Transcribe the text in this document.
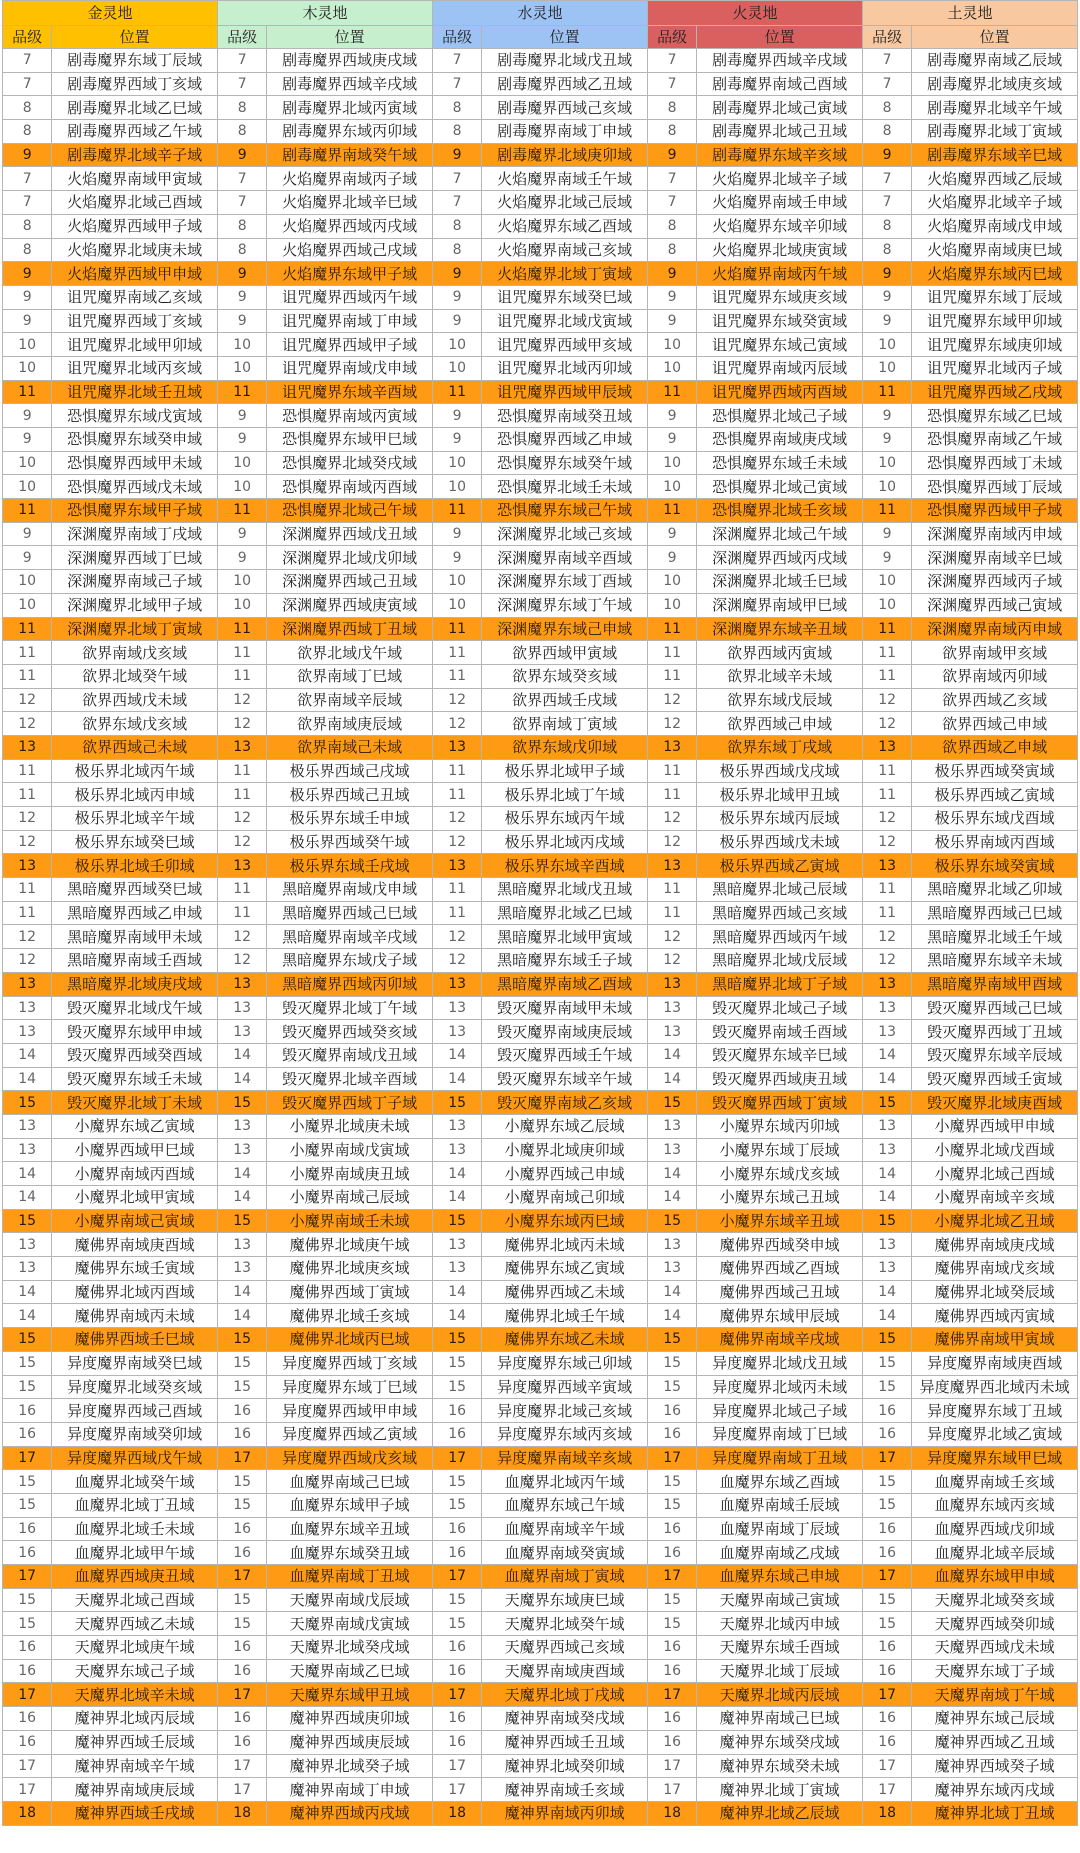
金灵地		木灵地		水灵地		火灵地		土灵地	
品级	位置	品级	位置	品级	位置	品级	位置	品级	位置
7	剧毒魔界东域丁辰域	7	剧毒魔界西域庚戌域	7	剧毒魔界北域戊丑域	7	剧毒魔界西域辛戌域	7	剧毒魔界南域乙辰域
7	剧毒魔界西域丁亥域	7	剧毒魔界西域辛戌域	7	剧毒魔界西域乙丑域	7	剧毒魔界南域己酉域	7	剧毒魔界北域庚亥域
8	剧毒魔界北域乙巳域	8	剧毒魔界北域丙寅域	8	剧毒魔界西域己亥域	8	剧毒魔界北域己寅域	8	剧毒魔界北域辛午域
8	剧毒魔界西域乙午域	8	剧毒魔界东域丙卯域	8	剧毒魔界南域丁申域	8	剧毒魔界北域己丑域	8	剧毒魔界北域丁寅域
9	剧毒魔界北域辛子域	9	剧毒魔界南域癸午域	9	剧毒魔界北域庚卯域	9	剧毒魔界东域辛亥域	9	剧毒魔界东域辛巳域
7	火焰魔界南域甲寅域	7	火焰魔界南域丙子域	7	火焰魔界南域壬午域	7	火焰魔界北域辛子域	7	火焰魔界西域乙辰域
7	火焰魔界北域己酉域	7	火焰魔界北域辛巳域	7	火焰魔界北域己辰域	7	火焰魔界南域壬申域	7	火焰魔界北域辛子域
8	火焰魔界西域甲子域	8	火焰魔界西域丙戌域	8	火焰魔界东域乙酉域	8	火焰魔界东域辛卯域	8	火焰魔界南域戊申域
8	火焰魔界北域庚未域	8	火焰魔界西域己戌域	8	火焰魔界南域己亥域	8	火焰魔界北域庚寅域	8	火焰魔界南域庚巳域
9	火焰魔界西域甲申域	9	火焰魔界东域甲子域	9	火焰魔界北域丁寅域	9	火焰魔界南域丙午域	9	火焰魔界东域丙巳域
9	诅咒魔界南域乙亥域	9	诅咒魔界西域丙午域	9	诅咒魔界东域癸巳域	9	诅咒魔界东域庚亥域	9	诅咒魔界东域丁辰域
9	诅咒魔界西域丁亥域	9	诅咒魔界南域丁申域	9	诅咒魔界北域戊寅域	9	诅咒魔界东域癸寅域	9	诅咒魔界东域甲卯域
10	诅咒魔界北域甲卯域	10	诅咒魔界西域甲子域	10	诅咒魔界西域甲亥域	10	诅咒魔界东域己寅域	10	诅咒魔界东域庚卯域
10	诅咒魔界北域丙亥域	10	诅咒魔界南域戊申域	10	诅咒魔界北域丙卯域	10	诅咒魔界南域丙辰域	10	诅咒魔界北域丙子域
11	诅咒魔界北域壬丑域	11	诅咒魔界东域辛酉域	11	诅咒魔界西域甲辰域	11	诅咒魔界西域丙酉域	11	诅咒魔界西域乙戌域
9	恐惧魔界东域戊寅域	9	恐惧魔界南域丙寅域	9	恐惧魔界南域癸丑域	9	恐惧魔界北域己子域	9	恐惧魔界东域乙巳域
9	恐惧魔界东域癸申域	9	恐惧魔界东域甲巳域	9	恐惧魔界西域乙申域	9	恐惧魔界南域庚戌域	9	恐惧魔界南域乙午域
10	恐惧魔界西域甲未域	10	恐惧魔界北域癸戌域	10	恐惧魔界东域癸午域	10	恐惧魔界东域壬未域	10	恐惧魔界西域丁未域
10	恐惧魔界西域戊未域	10	恐惧魔界南域丙酉域	10	恐惧魔界北域壬未域	10	恐惧魔界北域己寅域	10	恐惧魔界西域丁辰域
11	恐惧魔界东域甲子域	11	恐惧魔界北域己午域	11	恐惧魔界东域己午域	11	恐惧魔界北域壬亥域	11	恐惧魔界西域甲子域
9	深渊魔界南域丁戌域	9	深渊魔界西域戊丑域	9	深渊魔界北域己亥域	9	深渊魔界北域己午域	9	深渊魔界南域丙申域
9	深渊魔界西域丁巳域	9	深渊魔界北域戊卯域	9	深渊魔界南域辛酉域	9	深渊魔界西域丙戌域	9	深渊魔界南域辛巳域
10	深渊魔界南域己子域	10	深渊魔界西域己丑域	10	深渊魔界东域丁酉域	10	深渊魔界北域壬巳域	10	深渊魔界西域丙子域
10	深渊魔界北域甲子域	10	深渊魔界西域庚寅域	10	深渊魔界东域丁午域	10	深渊魔界南域甲巳域	10	深渊魔界西域己寅域
11	深渊魔界北域丁寅域	11	深渊魔界西域丁丑域	11	深渊魔界东域己申域	11	深渊魔界东域辛丑域	11	深渊魔界南域丙申域
11	欲界南域戊亥域	11	欲界北域戊午域	11	欲界西域甲寅域	11	欲界西域丙寅域	11	欲界南域甲亥域
11	欲界北域癸午域	11	欲界南域丁巳域	11	欲界东域癸亥域	11	欲界北域辛未域	11	欲界南域丙卯域
12	欲界西域戊未域	12	欲界南域辛辰域	12	欲界西域壬戌域	12	欲界东域戊辰域	12	欲界西域乙亥域
12	欲界东域戊亥域	12	欲界南域庚辰域	12	欲界南域丁寅域	12	欲界西域己申域	12	欲界西域己申域
13	欲界西域己未域	13	欲界南域己未域	13	欲界东域戊卯域	13	欲界东域丁戌域	13	欲界西域乙申域
11	极乐界北域丙午域	11	极乐界西域己戌域	11	极乐界北域甲子域	11	极乐界西域戊戌域	11	极乐界西域癸寅域
11	极乐界北域丙申域	11	极乐界西域己丑域	11	极乐界北域丁午域	11	极乐界北域甲丑域	11	极乐界西域乙寅域
12	极乐界北域辛午域	12	极乐界东域壬申域	12	极乐界东域丙午域	12	极乐界东域丙辰域	12	极乐界东域戊酉域
12	极乐界东域癸巳域	12	极乐界西域癸午域	12	极乐界北域丙戌域	12	极乐界西域戊未域	12	极乐界南域丙酉域
13	极乐界北域壬卯域	13	极乐界东域壬戌域	13	极乐界东域辛酉域	13	极乐界西域乙寅域	13	极乐界东域癸寅域
11	黑暗魔界西域癸巳域	11	黑暗魔界南域戊申域	11	黑暗魔界北域戊丑域	11	黑暗魔界北域己辰域	11	黑暗魔界北域乙卯域
11	黑暗魔界西域乙申域	11	黑暗魔界西域己巳域	11	黑暗魔界北域乙巳域	11	黑暗魔界西域己亥域	11	黑暗魔界西域己巳域
12	黑暗魔界南域甲未域	12	黑暗魔界南域辛戌域	12	黑暗魔界北域甲寅域	12	黑暗魔界西域丙午域	12	黑暗魔界北域壬午域
12	黑暗魔界南域壬酉域	12	黑暗魔界东域戊子域	12	黑暗魔界东域壬子域	12	黑暗魔界北域戊辰域	12	黑暗魔界东域辛未域
13	黑暗魔界北域庚戌域	13	黑暗魔界西域丙卯域	13	黑暗魔界南域乙酉域	13	黑暗魔界北域丁子域	13	黑暗魔界南域甲酉域
13	毁灭魔界北域戊午域	13	毁灭魔界北域丁午域	13	毁灭魔界南域甲未域	13	毁灭魔界北域己子域	13	毁灭魔界西域己巳域
13	毁灭魔界东域甲申域	13	毁灭魔界西域癸亥域	13	毁灭魔界南域庚辰域	13	毁灭魔界南域壬酉域	13	毁灭魔界西域丁丑域
14	毁灭魔界西域癸酉域	14	毁灭魔界南域戊丑域	14	毁灭魔界西域壬午域	14	毁灭魔界东域辛巳域	14	毁灭魔界东域辛辰域
14	毁灭魔界东域壬未域	14	毁灭魔界北域辛酉域	14	毁灭魔界东域辛午域	14	毁灭魔界西域庚丑域	14	毁灭魔界西域壬寅域
15	毁灭魔界北域丁未域	15	毁灭魔界西域丁子域	15	毁灭魔界南域乙亥域	15	毁灭魔界西域丁寅域	15	毁灭魔界北域庚酉域
13	小魔界东域乙寅域	13	小魔界北域庚未域	13	小魔界东域乙辰域	13	小魔界东域丙卯域	13	小魔界西域甲申域
13	小魔界西域甲巳域	13	小魔界南域戊寅域	13	小魔界北域庚卯域	13	小魔界东域丁辰域	13	小魔界北域戊酉域
14	小魔界南域丙酉域	14	小魔界南域庚丑域	14	小魔界西域己申域	14	小魔界东域戊亥域	14	小魔界北域己酉域
14	小魔界北域甲寅域	14	小魔界南域己辰域	14	小魔界南域己卯域	14	小魔界东域己丑域	14	小魔界南域辛亥域
15	小魔界南域己寅域	15	小魔界南域壬未域	15	小魔界东域丙巳域	15	小魔界东域辛丑域	15	小魔界北域乙丑域
13	魔佛界南域庚酉域	13	魔佛界北域庚午域	13	魔佛界北域丙未域	13	魔佛界西域癸申域	13	魔佛界南域庚戌域
13	魔佛界东域壬寅域	13	魔佛界北域庚亥域	13	魔佛界东域乙寅域	13	魔佛界西域乙酉域	13	魔佛界南域戊亥域
14	魔佛界北域丙酉域	14	魔佛界西域丁寅域	14	魔佛界西域乙未域	14	魔佛界西域己丑域	14	魔佛界北域癸辰域
14	魔佛界南域丙未域	14	魔佛界北域壬亥域	14	魔佛界北域壬午域	14	魔佛界东域甲辰域	14	魔佛界西域丙寅域
15	魔佛界西域壬巳域	15	魔佛界北域丙巳域	15	魔佛界东域乙未域	15	魔佛界南域辛戌域	15	魔佛界南域甲寅域
15	异度魔界南域癸巳域	15	异度魔界西域丁亥域	15	异度魔界东域己卯域	15	异度魔界北域戊丑域	15	异度魔界南域庚酉域
15	异度魔界北域癸亥域	15	异度魔界东域丁巳域	15	异度魔界西域辛寅域	15	异度魔界北域丙未域	15	异度魔界西北域丙未域
16	异度魔界西域己酉域	16	异度魔界西域甲申域	16	异度魔界北域己亥域	16	异度魔界北域己子域	16	异度魔界东域丁丑域
16	异度魔界南域癸卯域	16	异度魔界西域乙寅域	16	异度魔界东域丙亥域	16	异度魔界南域丁巳域	16	异度魔界北域乙寅域
17	异度魔界西域戊午域	17	异度魔界西域戊亥域	17	异度魔界南域辛亥域	17	异度魔界南域丁丑域	17	异度魔界东域甲巳域
15	血魔界北域癸午域	15	血魔界南域己巳域	15	血魔界北域丙午域	15	血魔界东域乙酉域	15	血魔界南域壬亥域
15	血魔界北域丁丑域	15	血魔界东域甲子域	15	血魔界东域己午域	15	血魔界南域壬辰域	15	血魔界东域丙亥域
16	血魔界北域壬未域	16	血魔界东域辛丑域	16	血魔界南域辛午域	16	血魔界南域丁辰域	16	血魔界西域戊卯域
16	血魔界北域甲午域	16	血魔界东域癸丑域	16	血魔界南域癸寅域	16	血魔界南域乙戌域	16	血魔界北域辛辰域
17	血魔界西域庚丑域	17	血魔界南域丁丑域	17	血魔界南域丁寅域	17	血魔界东域己申域	17	血魔界东域甲申域
15	天魔界北域己酉域	15	天魔界南域戊辰域	15	天魔界东域庚巳域	15	天魔界南域己寅域	15	天魔界北域癸亥域
15	天魔界西域乙未域	15	天魔界南域戊寅域	15	天魔界北域癸午域	15	天魔界北域丙申域	15	天魔界西域癸卯域
16	天魔界北域庚午域	16	天魔界北域癸戌域	16	天魔界西域己亥域	16	天魔界东域壬酉域	16	天魔界西域戊未域
16	天魔界东域己子域	16	天魔界南域乙巳域	16	天魔界南域庚酉域	16	天魔界北域丁辰域	16	天魔界东域丁子域
17	天魔界北域辛未域	17	天魔界东域甲丑域	17	天魔界北域丁戌域	17	天魔界北域丙辰域	17	天魔界南域丁午域
16	魔神界北域丙辰域	16	魔神界西域庚卯域	16	魔神界南域癸戌域	16	魔神界南域己巳域	16	魔神界东域己辰域
16	魔神界西域壬辰域	16	魔神界西域庚辰域	16	魔神界西域壬丑域	16	魔神界东域癸戌域	16	魔神界西域乙丑域
17	魔神界南域辛午域	17	魔神界北域癸子域	17	魔神界北域癸卯域	17	魔神界东域癸未域	17	魔神界西域癸子域
17	魔神界南域庚辰域	17	魔神界南域丁申域	17	魔神界南域壬亥域	17	魔神界北域丁寅域	17	魔神界东域丙戌域
18	魔神界西域壬戌域	18	魔神界西域丙戌域	18	魔神界南域丙卯域	18	魔神界北域乙辰域	18	魔神界北域丁丑域
